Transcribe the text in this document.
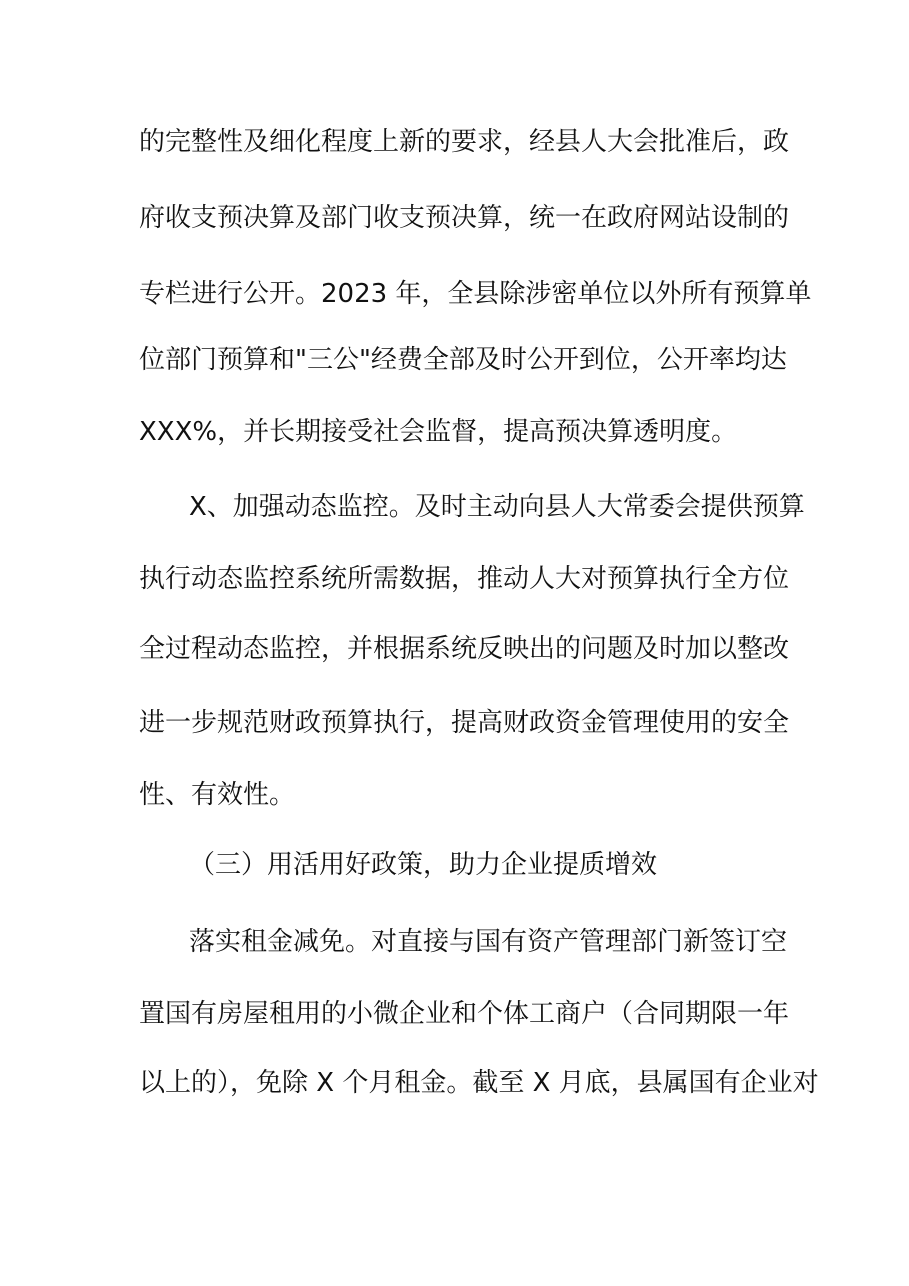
的完整性及细化程度上新的要求，经县人大会批准后，政
府收支预决算及部门收支预决算，统一在政府网站设制的
专栏进行公开。2023 年，全县除涉密单位以外所有预算单
位部门预算和"三公"经费全部及时公开到位，公开率均达
XXX%，并长期接受社会监督，提高预决算透明度。
X、加强动态监控。及时主动向县人大常委会提供预算
执行动态监控系统所需数据，推动人大对预算执行全方位
全过程动态监控，并根据系统反映出的问题及时加以整改
进一步规范财政预算执行，提高财政资金管理使用的安全
性、有效性。
（三）用活用好政策，助力企业提质增效
落实租金减免。对直接与国有资产管理部门新签订空
置国有房屋租用的小微企业和个体工商户（合同期限一年
以上的），免除 X 个月租金。截至 X 月底，县属国有企业对
